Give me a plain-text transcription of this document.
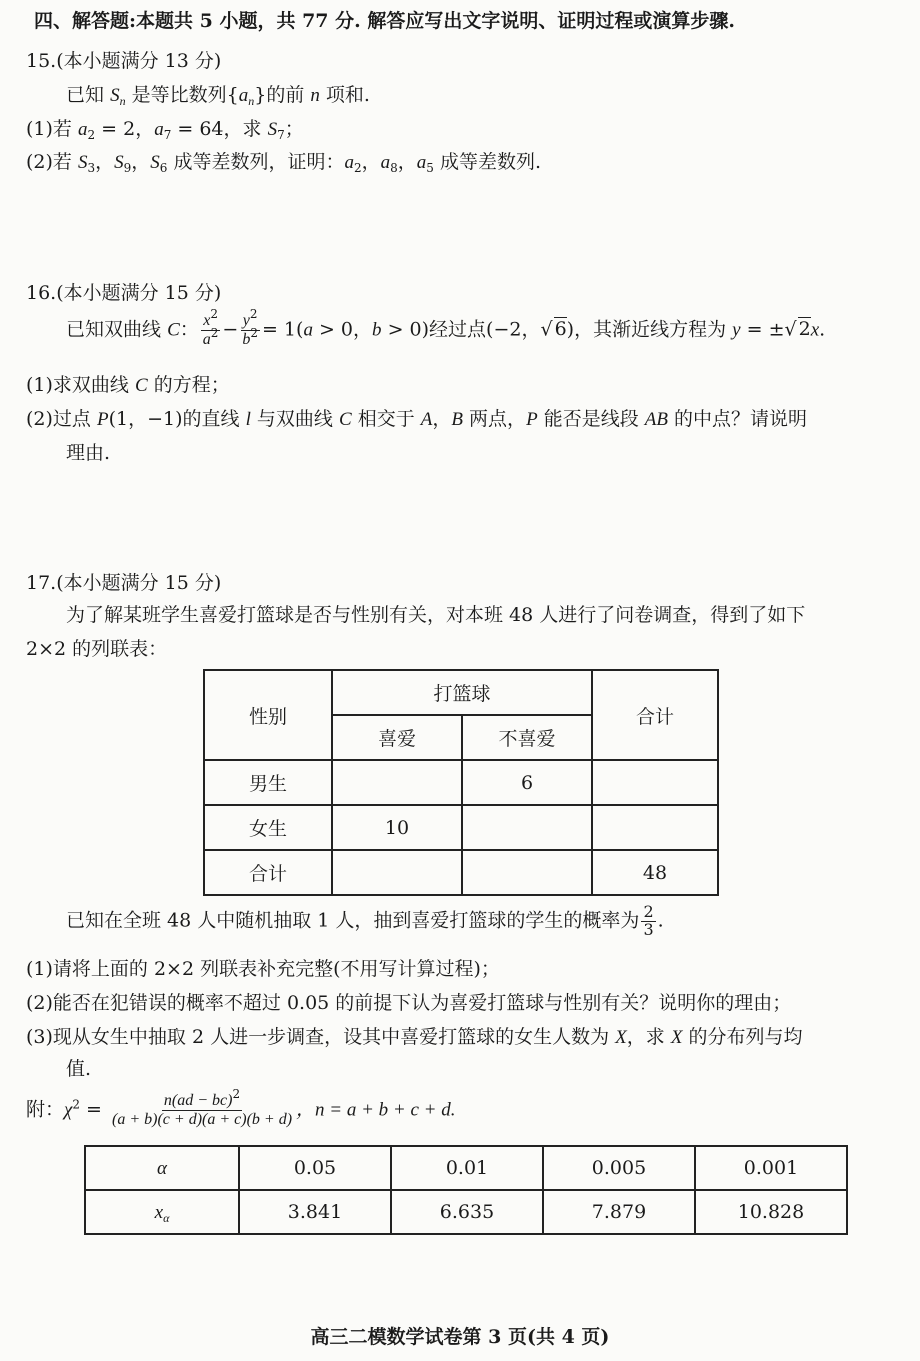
四、解答题:本题共 5 小题，共 77 分. 解答应写出文字说明、证明过程或演算步骤.
15.(本小题满分 13 分)
已知 $S_n$ 是等比数列$\{a_n\}$的前 n 项和.
(1)若 $a_2 = 2$，$a_7 = 64$，求 $S_7$；
(2)若 $S_3$，$S_9$，$S_6$ 成等差数列，证明：$a_2$，$a_8$，$a_5$ 成等差数列.
16.(本小题满分 15 分)
已知双曲线 C： $\frac{x^2}{a^2} - \frac{y^2}{b^2} = 1(a > 0$，b > 0)经过点(−2，√ 6)，其渐近线方程为 y = ±√ 2x.
(1)求双曲线 C 的方程；
(2)过点 P(1，−1)的直线 l 与双曲线 C 相交于 A，B 两点，P 能否是线段 AB 的中点？请说明
理由.
17.(本小题满分 15 分)
为了解某班学生喜爱打篮球是否与性别有关，对本班 48 人进行了问卷调查，得到了如下
2×2 的列联表：
性别	打篮球		合计
	喜爱	不喜爱	
男生		6	
女生	10		
合计			48
已知在全班 48 人中随机抽取 1 人，抽到喜爱打篮球的学生的概率为 $\frac{2}{3}$ .
(1)请将上面的 2×2 列联表补充完整(不用写计算过程)；
(2)能否在犯错误的概率不超过 0.05 的前提下认为喜爱打篮球与性别有关？说明你的理由；
(3)现从女生中抽取 2 人进一步调查，设其中喜爱打篮球的女生人数为 X，求 X 的分布列与均
值.
附：$\chi^2 = \frac{n(ad - bc)^2}{(a + b)(c + d)(a + c)(b + d)}$ ，n = a + b + c + d.
α	0.05	0.01	0.005	0.001
$x_\alpha$	3.841	6.635	7.879	10.828
高三二模数学试卷第 3 页(共 4 页)
